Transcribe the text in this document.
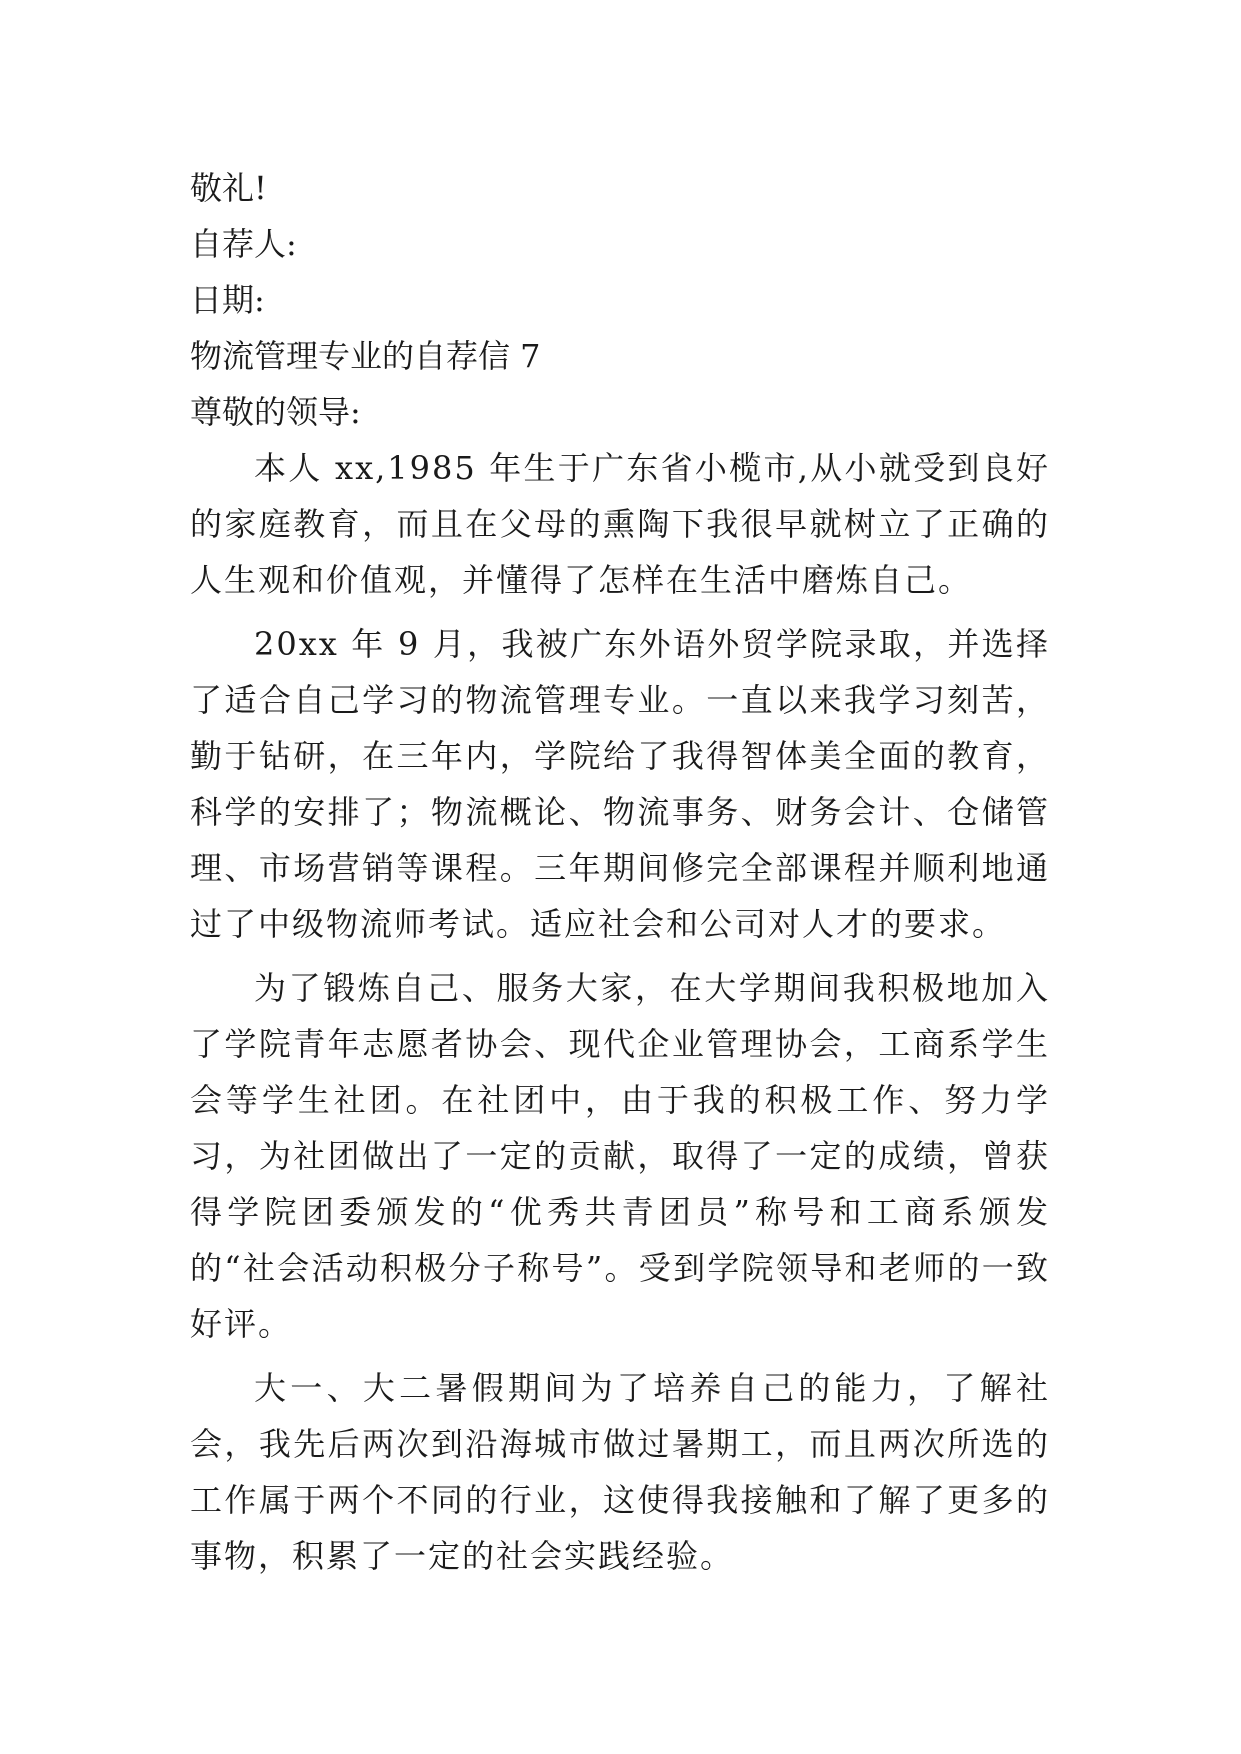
敬礼!

自荐人:

日期:

物流管理专业的自荐信 7

尊敬的领导:

本人 xx,1985 年生于广东省小榄市,从小就受到良好的家庭教育，而且在父母的熏陶下我很早就树立了正确的人生观和价值观，并懂得了怎样在生活中磨炼自己。

20xx 年 9 月，我被广东外语外贸学院录取，并选择了适合自己学习的物流管理专业。一直以来我学习刻苦，勤于钻研，在三年内，学院给了我得智体美全面的教育，科学的安排了；物流概论、物流事务、财务会计、仓储管理、市场营销等课程。三年期间修完全部课程并顺利地通过了中级物流师考试。适应社会和公司对人才的要求。

为了锻炼自己、服务大家，在大学期间我积极地加入了学院青年志愿者协会、现代企业管理协会，工商系学生会等学生社团。在社团中，由于我的积极工作、努力学习，为社团做出了一定的贡献，取得了一定的成绩，曾获得学院团委颁发的“优秀共青团员”称号和工商系颁发的“社会活动积极分子称号”。受到学院领导和老师的一致好评。

大一、大二暑假期间为了培养自己的能力，了解社会，我先后两次到沿海城市做过暑期工，而且两次所选的工作属于两个不同的行业，这使得我接触和了解了更多的事物，积累了一定的社会实践经验。
